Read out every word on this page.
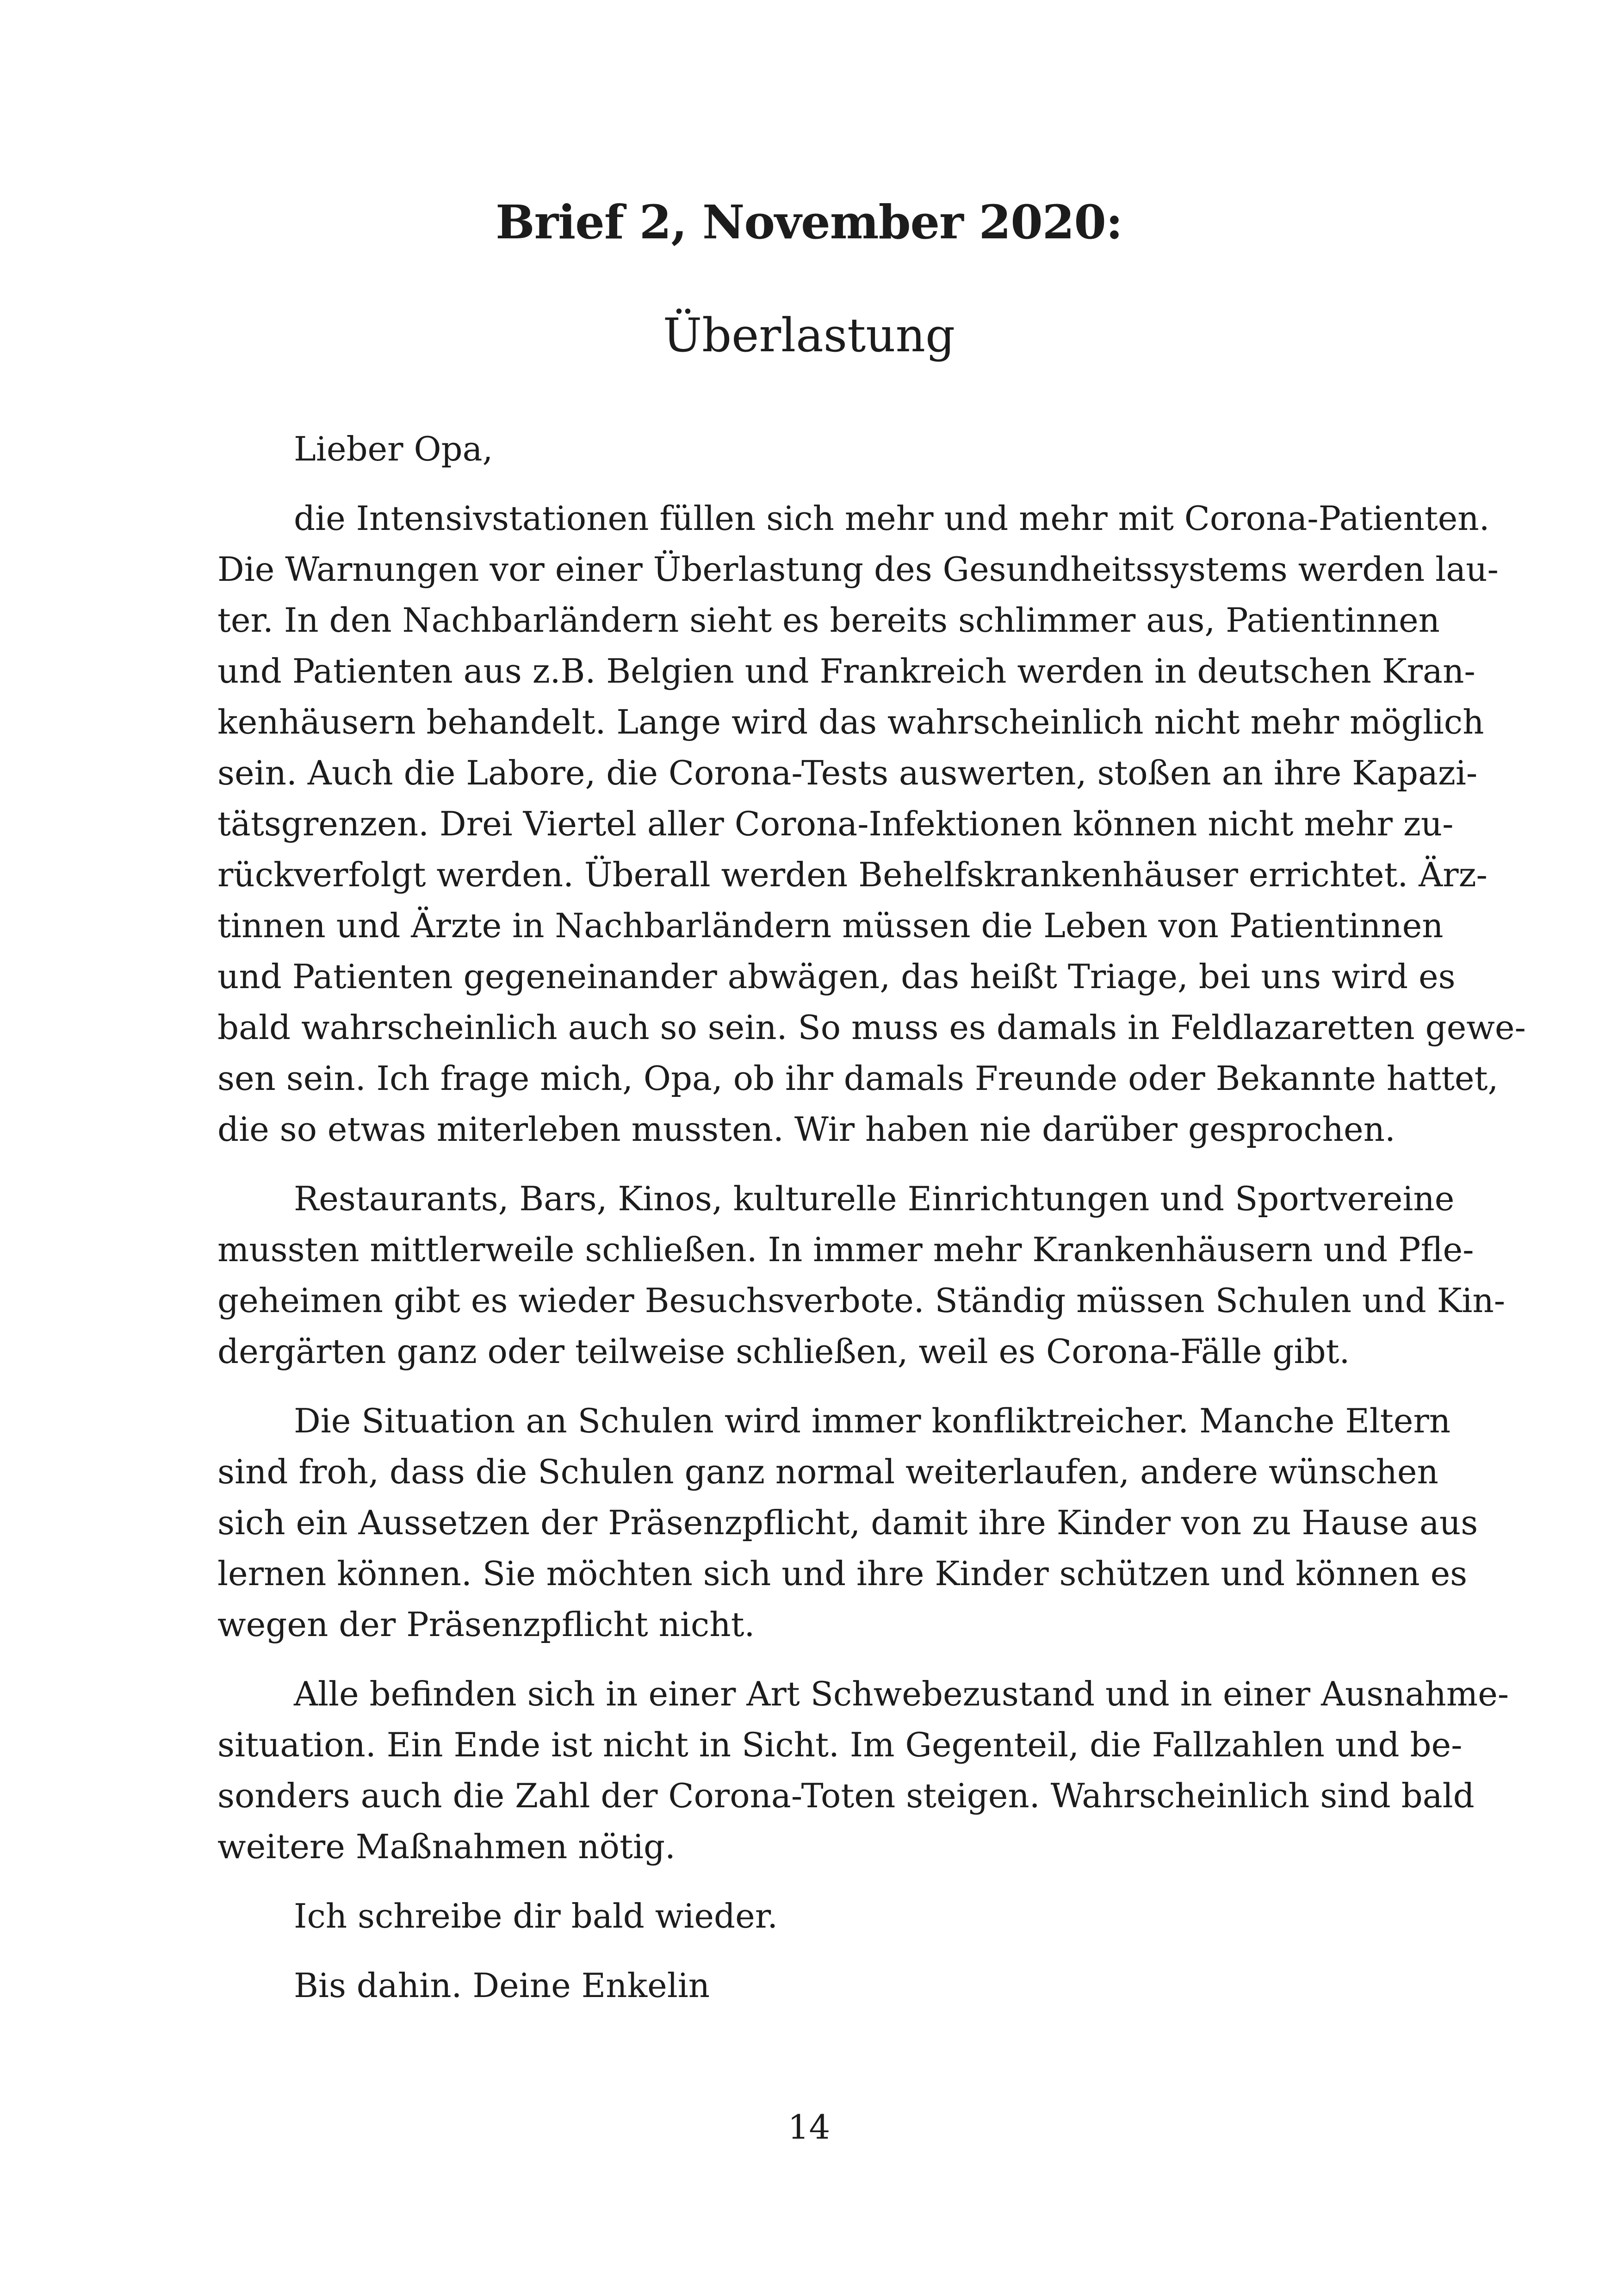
Brief 2, November 2020:
Überlastung
Lieber Opa,
die Intensivstationen füllen sich mehr und mehr mit Corona-Patienten.
Die Warnungen vor einer Überlastung des Gesundheitssystems werden lau-
ter. In den Nachbarländern sieht es bereits schlimmer aus, Patientinnen
und Patienten aus z.B. Belgien und Frankreich werden in deutschen Kran-
kenhäusern behandelt. Lange wird das wahrscheinlich nicht mehr möglich
sein. Auch die Labore, die Corona-Tests auswerten, stoßen an ihre Kapazi-
tätsgrenzen. Drei Viertel aller Corona-Infektionen können nicht mehr zu-
rückverfolgt werden. Überall werden Behelfskrankenhäuser errichtet. Ärz-
tinnen und Ärzte in Nachbarländern müssen die Leben von Patientinnen
und Patienten gegeneinander abwägen, das heißt Triage, bei uns wird es
bald wahrscheinlich auch so sein. So muss es damals in Feldlazaretten gewe-
sen sein. Ich frage mich, Opa, ob ihr damals Freunde oder Bekannte hattet,
die so etwas miterleben mussten. Wir haben nie darüber gesprochen.
Restaurants, Bars, Kinos, kulturelle Einrichtungen und Sportvereine
mussten mittlerweile schließen. In immer mehr Krankenhäusern und Pfle-
geheimen gibt es wieder Besuchsverbote. Ständig müssen Schulen und Kin-
dergärten ganz oder teilweise schließen, weil es Corona-Fälle gibt.
Die Situation an Schulen wird immer konfliktreicher. Manche Eltern
sind froh, dass die Schulen ganz normal weiterlaufen, andere wünschen
sich ein Aussetzen der Präsenzpflicht, damit ihre Kinder von zu Hause aus
lernen können. Sie möchten sich und ihre Kinder schützen und können es
wegen der Präsenzpflicht nicht.
Alle befinden sich in einer Art Schwebezustand und in einer Ausnahme-
situation. Ein Ende ist nicht in Sicht. Im Gegenteil, die Fallzahlen und be-
sonders auch die Zahl der Corona-Toten steigen. Wahrscheinlich sind bald
weitere Maßnahmen nötig.
Ich schreibe dir bald wieder.
Bis dahin. Deine Enkelin
14
